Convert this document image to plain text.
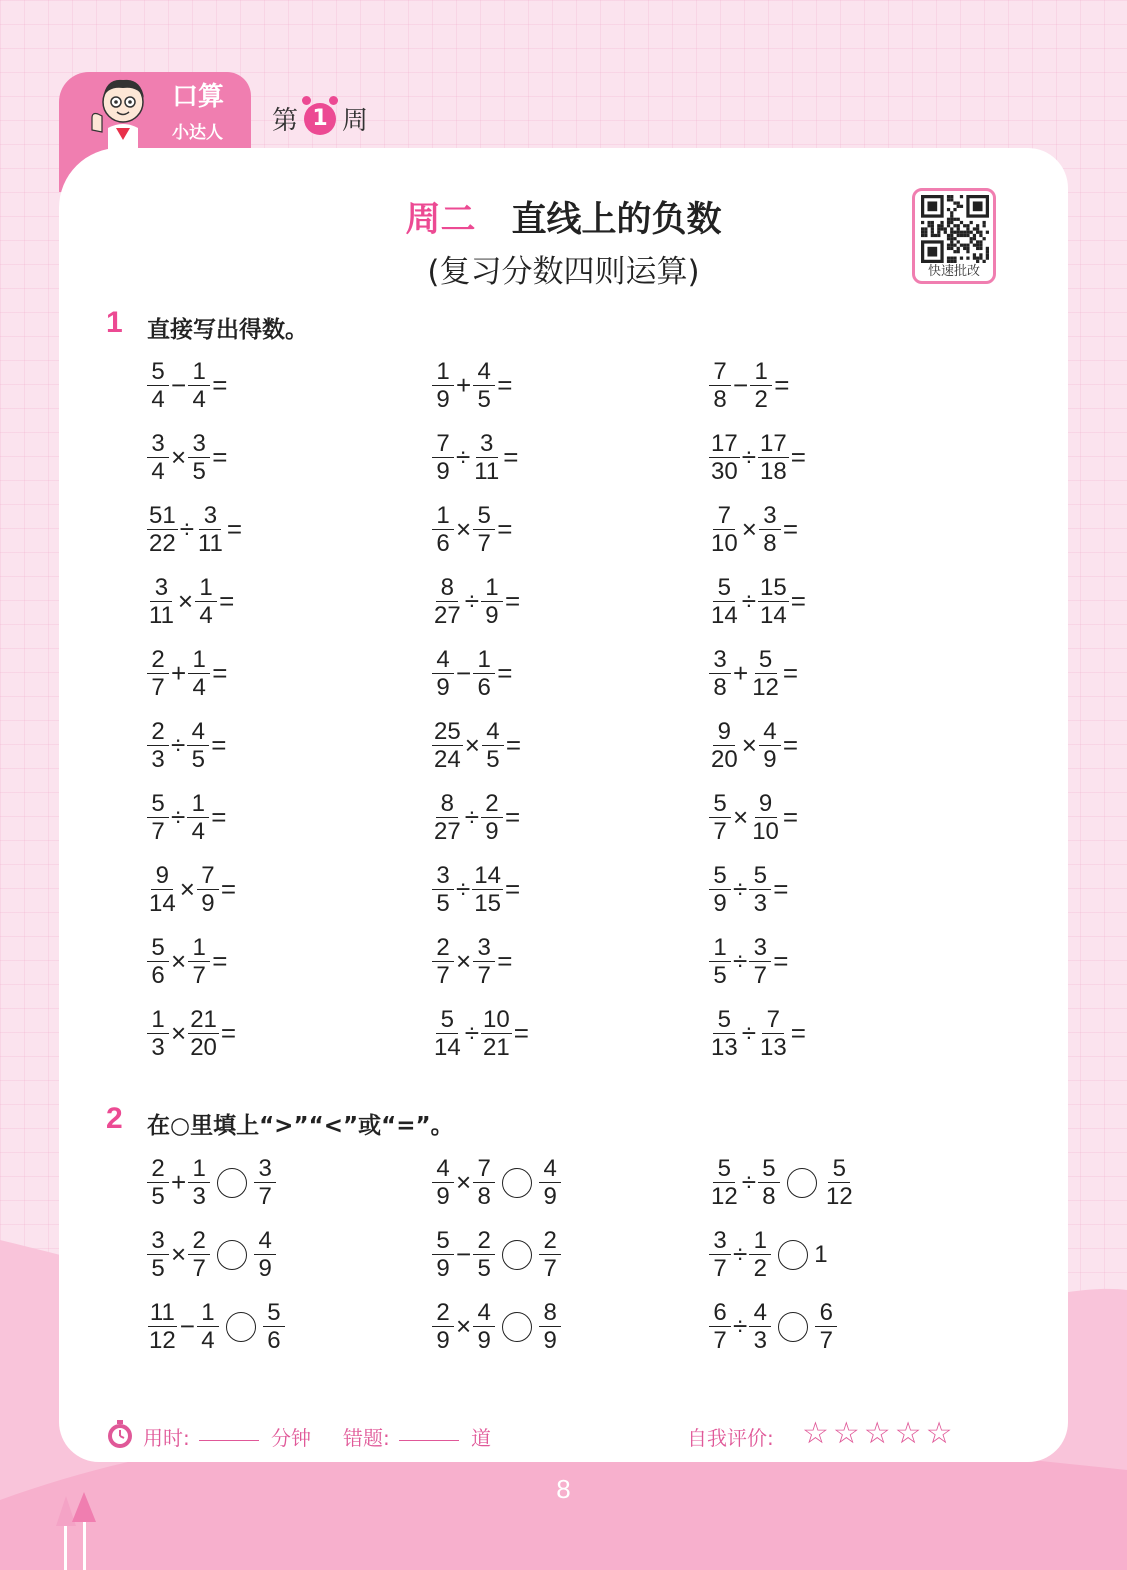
口算
小达人 第 1 周
周二 直线上的负数
(复习分数四则运算)	快速批改
1 直接写出得数。
$\frac{5}{4} - \frac{1}{4}$ =	$\frac{1}{9} + \frac{4}{5}$ =	$\frac{7}{8} - \frac{1}{2}$ =
$\frac{3}{4} \times \frac{3}{5}$ =	$\frac{7}{9} \div \frac{3}{11}$ =	$\frac{17}{30} \div \frac{17}{18}$ =
$\frac{51}{22} \div \frac{3}{11}$ =	$\frac{1}{6} \times \frac{5}{7}$ =	$\frac{7}{10} \times \frac{3}{8}$ =
$\frac{3}{11} \times \frac{1}{4}$ =	$\frac{8}{27} \div \frac{1}{9}$ =	$\frac{5}{14} \div \frac{15}{14}$ =
$\frac{2}{7} + \frac{1}{4}$ =	$\frac{4}{9} - \frac{1}{6}$ =	$\frac{3}{8} + \frac{5}{12}$ =
$\frac{2}{3} \div \frac{4}{5}$ =	$\frac{25}{24} \times \frac{4}{5}$ =	$\frac{9}{20} \times \frac{4}{9}$ =
$\frac{5}{7} \div \frac{1}{4}$ =	$\frac{8}{27} \div \frac{2}{9}$ =	$\frac{5}{7} \times \frac{9}{10}$ =
$\frac{9}{14} \times \frac{7}{9}$ =	$\frac{3}{5} \div \frac{14}{15}$ =	$\frac{5}{9} \div \frac{5}{3}$ =
$\frac{5}{6} \times \frac{1}{7}$ =	$\frac{2}{7} \times \frac{3}{7}$ =	$\frac{1}{5} \div \frac{3}{7}$ =
$\frac{1}{3} \times \frac{21}{20}$ =	$\frac{5}{14} \div \frac{10}{21}$ =	$\frac{5}{13} \div \frac{7}{13}$ =
2 在○里填上“>”“<”或“=”。
$\frac{2}{5} + \frac{1}{3} \frac{3}{7}$	$\frac{4}{9} \times \frac{7}{8} \frac{4}{9}$	$\frac{5}{12} \div \frac{5}{8} \frac{5}{12}$
$\frac{3}{5} \times \frac{2}{7} \frac{4}{9}$	$\frac{5}{9} - \frac{2}{5} \frac{2}{7}$	$\frac{3}{7} \div \frac{1}{2} 1$
$\frac{11}{12} - \frac{1}{4} \frac{5}{6}$	$\frac{2}{9} \times \frac{4}{9} \frac{8}{9}$	$\frac{6}{7} \div \frac{4}{3} \frac{6}{7}$
用时:	分钟 错题:	道	自我评价: ☆☆☆☆☆
8
